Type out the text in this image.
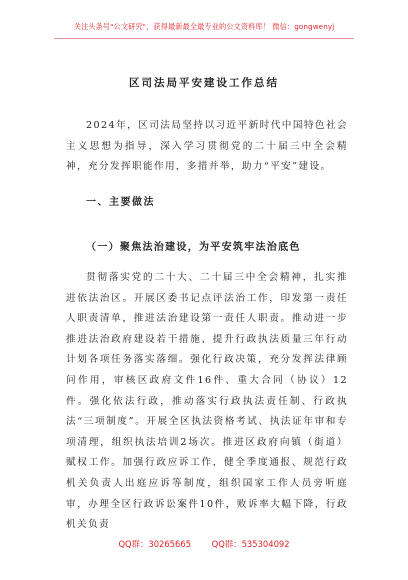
关注头条号"公文研究"，获得最新最全最专业的公文资料库！ 微信：gongwenyj
区司法局平安建设工作总结
2024年，区司法局坚持以习近平新时代中国特色社会主义思想为指导，深入学习贯彻党的二十届三中全会精神，充分发挥职能作用，多措并举，助力“平安”建设。
一、主要做法
（一）聚焦法治建设，为平安筑牢法治底色
贯彻落实党的二十大、二十届三中全会精神，扎实推进依法治区。开展区委书记点评法治工作，印发第一责任人职责清单，推进法治建设第一责任人职责。推动进一步推进法治政府建设若干措施、提升行政执法质量三年行动计划各项任务落实落细。强化行政决策，充分发挥法律顾问作用，审核区政府文件16件、重大合同（协议）12件。强化依法行政，推动落实行政执法责任制、行政执法“三项制度”。开展全区执法资格考试、执法证年审和专项清理，组织执法培训2场次。推进区政府向镇（街道）赋权工作。加强行政应诉工作，健全季度通报、规范行政机关负责人出庭应诉等制度，组织国家工作人员旁听庭审，办理全区行政诉讼案件10件，败诉率大幅下降，行政机关负责
QQ群：30265665 QQ群：535304092
